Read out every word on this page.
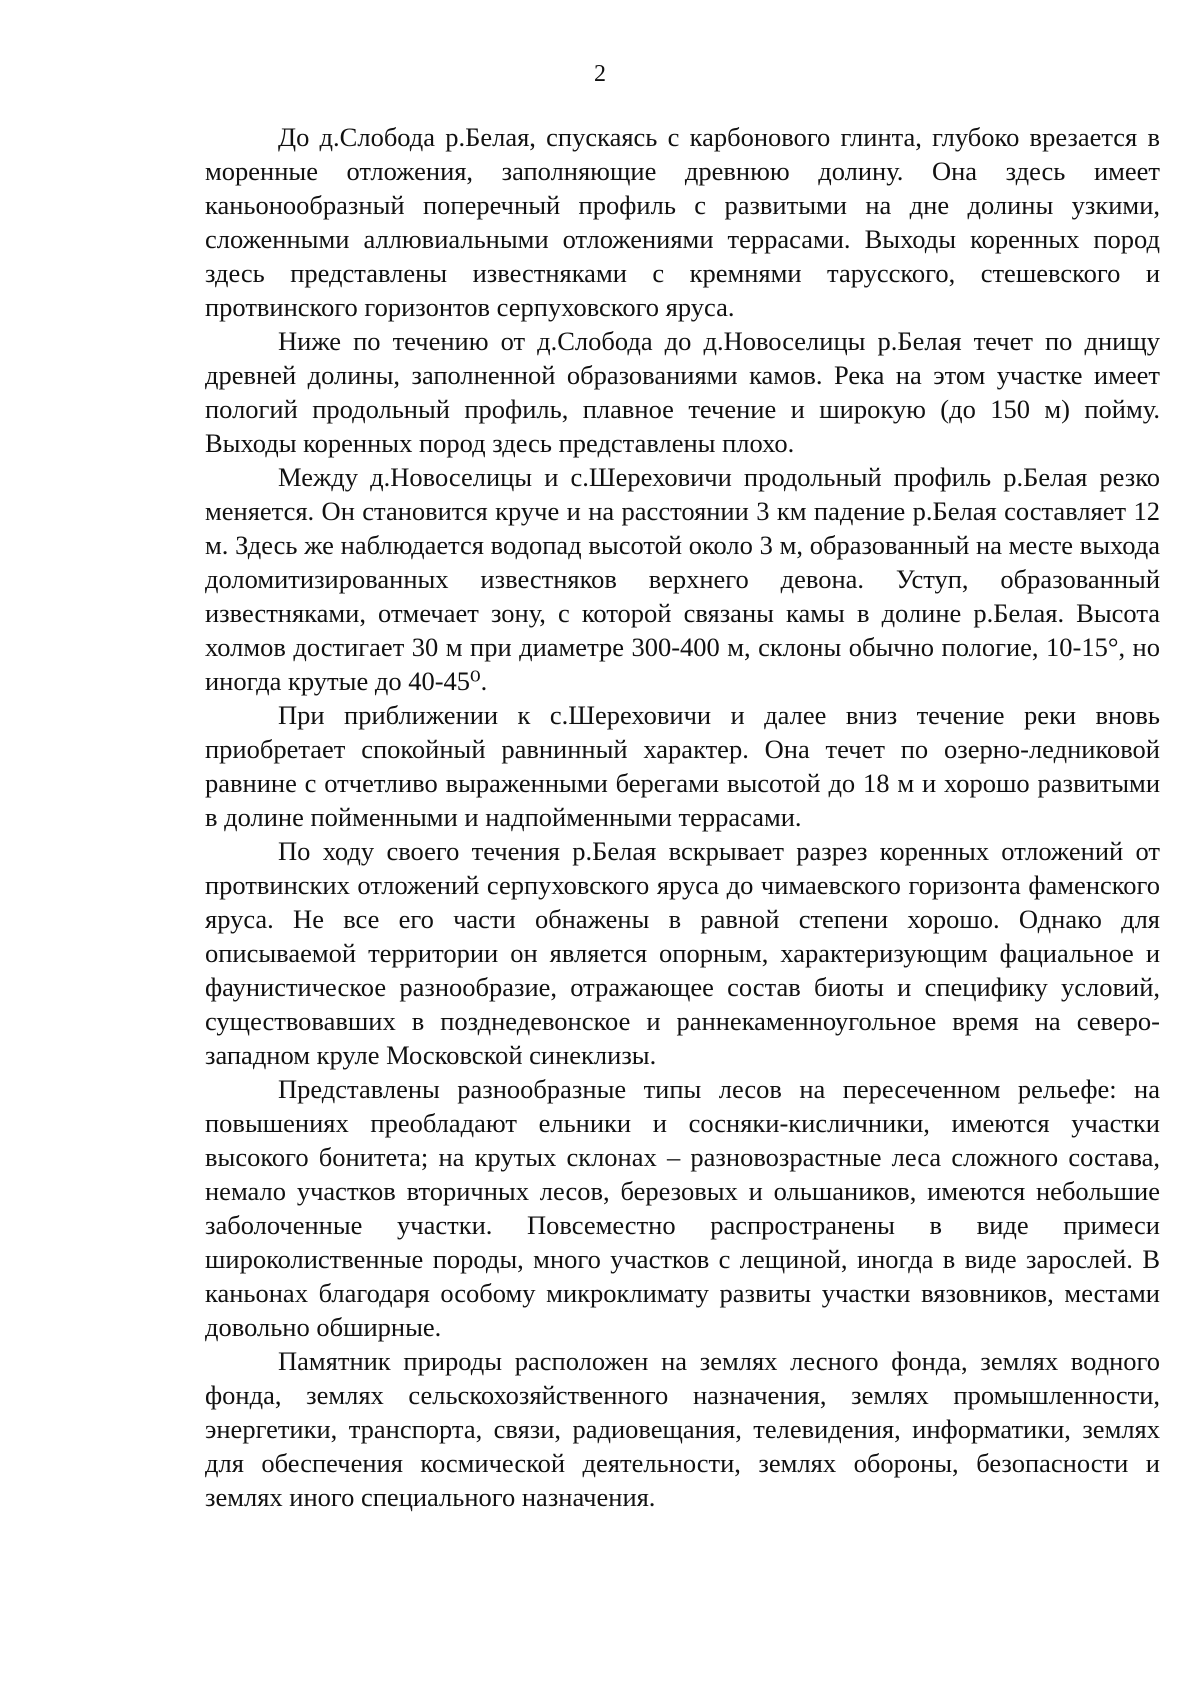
2

До д.Слобода р.Белая, спускаясь с карбонового глинта, глубоко врезается в моренные отложения, заполняющие древнюю долину. Она здесь имеет каньонообразный поперечный профиль с развитыми на дне долины узкими, сложенными аллювиальными отложениями террасами. Выходы коренных пород здесь представлены известняками с кремнями тарусского, стешевского и протвинского горизонтов серпуховского яруса.

Ниже по течению от д.Слобода до д.Новоселицы р.Белая течет по днищу древней долины, заполненной образованиями камов. Река на этом участке имеет пологий продольный профиль, плавное течение и широкую (до 150 м) пойму. Выходы коренных пород здесь представлены плохо.

Между д.Новоселицы и с.Шереховичи продольный профиль р.Белая резко меняется. Он становится круче и на расстоянии 3 км падение р.Белая составляет 12 м. Здесь же наблюдается водопад высотой около 3 м, образованный на месте выхода доломитизированных известняков верхнего девона. Уступ, образованный известняками, отмечает зону, с которой связаны камы в долине р.Белая. Высота холмов достигает 30 м при диаметре 300-400 м, склоны обычно пологие, 10-15°, но иногда крутые до 40-45⁰.

При приближении к с.Шереховичи и далее вниз течение реки вновь приобретает спокойный равнинный характер. Она течет по озерно-ледниковой равнине с отчетливо выраженными берегами высотой до 18 м и хорошо развитыми в долине пойменными и надпойменными террасами.

По ходу своего течения р.Белая вскрывает разрез коренных отложений от протвинских отложений серпуховского яруса до чимаевского горизонта фаменского яруса. Не все его части обнажены в равной степени хорошо. Однако для описываемой территории он является опорным, характеризующим фациальное и фаунистическое разнообразие, отражающее состав биоты и специфику условий, существовавших в позднедевонское и раннекаменноугольное время на северо-западном круле Московской синеклизы.

Представлены разнообразные типы лесов на пересеченном рельефе: на повышениях преобладают ельники и сосняки-кисличники, имеются участки высокого бонитета; на крутых склонах – разновозрастные леса сложного состава, немало участков вторичных лесов, березовых и ольшаников, имеются небольшие заболоченные участки. Повсеместно распространены в виде примеси широколиственные породы, много участков с лещиной, иногда в виде зарослей. В каньонах благодаря особому микроклимату развиты участки вязовников, местами довольно обширные.

Памятник природы расположен на землях лесного фонда, землях водного фонда, землях сельскохозяйственного назначения, землях промышленности, энергетики, транспорта, связи, радиовещания, телевидения, информатики, землях для обеспечения космической деятельности, землях обороны, безопасности и землях иного специального назначения.
